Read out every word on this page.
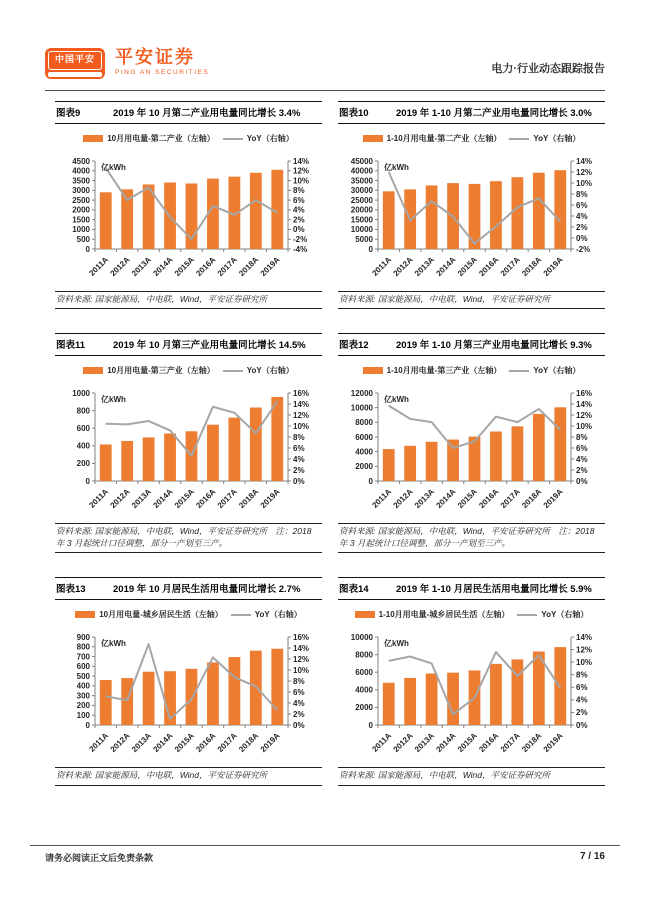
中国平安	平安证券
PING AN SECURITIES	电力·行业动态跟踪报告
图表9	2019 年 10 月第二产业用电量同比增长 3.4%
10月用电量-第二产业（左轴）	YoY（右轴）
0
500
1000
1500
2000
2500
3000
3500
4000
4500
-4%
-2%
0%
2%
4%
6%
8%
10%
12%
14%
亿kWh
2011A
2012A
2013A
2014A
2015A
2016A
2017A
2018A
2019A
资料来源: 国家能源局，中电联，Wind，平安证券研究所
图表10	2019 年 1-10 月第二产业用电量同比增长 3.0%
1-10月用电量-第二产业（左轴）	YoY（右轴）
0
5000
10000
15000
20000
25000
30000
35000
40000
45000
-2%
0%
2%
4%
6%
8%
10%
12%
14%
亿kWh
2011A
2012A
2013A
2014A
2015A
2016A
2017A
2018A
2019A
资料来源: 国家能源局，中电联，Wind，平安证券研究所
图表11	2019 年 10 月第三产业用电量同比增长 14.5%
10月用电量-第三产业（左轴）	YoY（右轴）
0
200
400
600
800
1000
0%
2%
4%
6%
8%
10%
12%
14%
16%
亿kWh
2011A
2012A
2013A
2014A
2015A
2016A
2017A
2018A
2019A
资料来源: 国家能源局，中电联，Wind，平安证券研究所　注：2018 年 3 月起统计口径调整，部分一产划至三产。
图表12	2019 年 1-10 月第三产业用电量同比增长 9.3%
1-10月用电量-第三产业（左轴）	YoY（右轴）
0
2000
4000
6000
8000
10000
12000
0%
2%
4%
6%
8%
10%
12%
14%
16%
亿kWh
2011A
2012A
2013A
2014A
2015A
2016A
2017A
2018A
2019A
资料来源: 国家能源局，中电联，Wind，平安证券研究所　注：2018 年 3 月起统计口径调整，部分一产划至三产。
图表13	2019 年 10 月居民生活用电量同比增长 2.7%
10月用电量-城乡居民生活（左轴）	YoY（右轴）
0
100
200
300
400
500
600
700
800
900
0%
2%
4%
6%
8%
10%
12%
14%
16%
亿kWh
2011A
2012A
2013A
2014A
2015A
2016A
2017A
2018A
2019A
资料来源: 国家能源局，中电联，Wind，平安证券研究所
图表14	2019 年 1-10 月居民生活用电量同比增长 5.9%
1-10月用电量-城乡居民生活（左轴）	YoY（右轴）
0
2000
4000
6000
8000
10000
0%
2%
4%
6%
8%
10%
12%
14%
亿kWh
2011A
2012A
2013A
2014A
2015A
2016A
2017A
2018A
2019A
资料来源: 国家能源局，中电联，Wind，平安证券研究所
请务必阅读正文后免责条款	7 / 16
